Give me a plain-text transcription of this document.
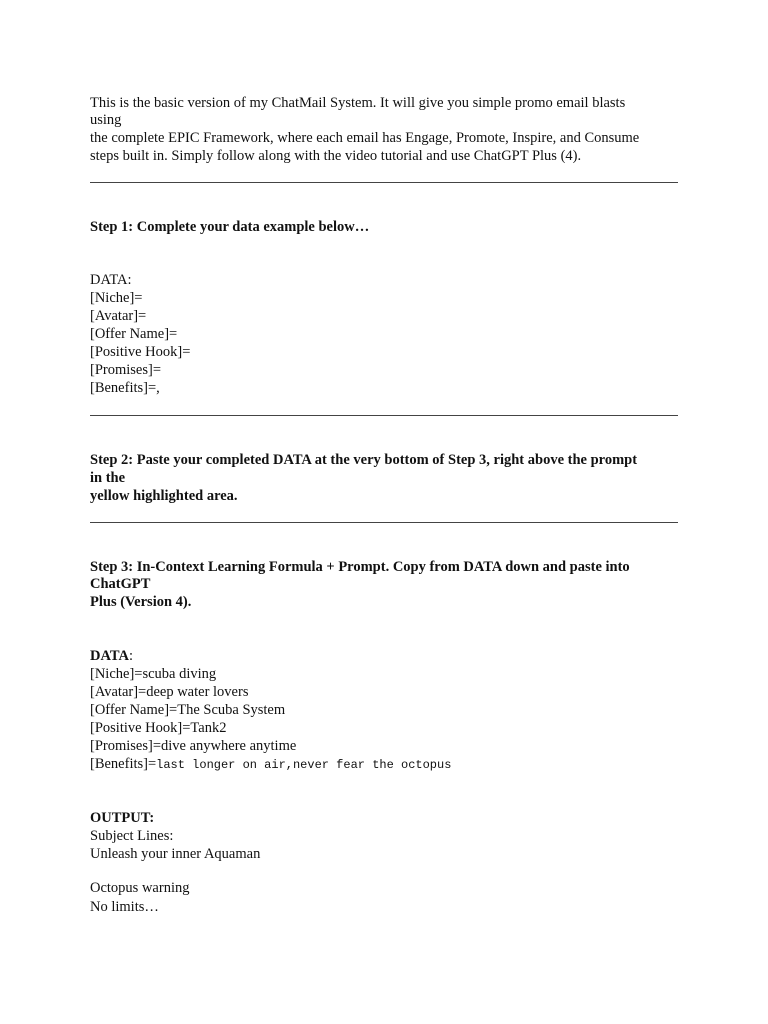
This is the basic version of my ChatMail System. It will give you simple promo email blasts
using
the complete EPIC Framework, where each email has Engage, Promote, Inspire, and Consume
steps built in. Simply follow along with the video tutorial and use ChatGPT Plus (4).
Step 1: Complete your data example below…
DATA:
[Niche]=
[Avatar]=
[Offer Name]=
[Positive Hook]=
[Promises]=
[Benefits]=,
Step 2: Paste your completed DATA at the very bottom of Step 3, right above the prompt
in the
yellow highlighted area.
Step 3: In-Context Learning Formula + Prompt. Copy from DATA down and paste into
ChatGPT
Plus (Version 4).
DATA:
[Niche]=scuba diving
[Avatar]=deep water lovers
[Offer Name]=The Scuba System
[Positive Hook]=Tank2
[Promises]=dive anywhere anytime
[Benefits]=last longer on air,never fear the octopus
OUTPUT:
Subject Lines:
Unleash your inner Aquaman
Octopus warning
No limits…
